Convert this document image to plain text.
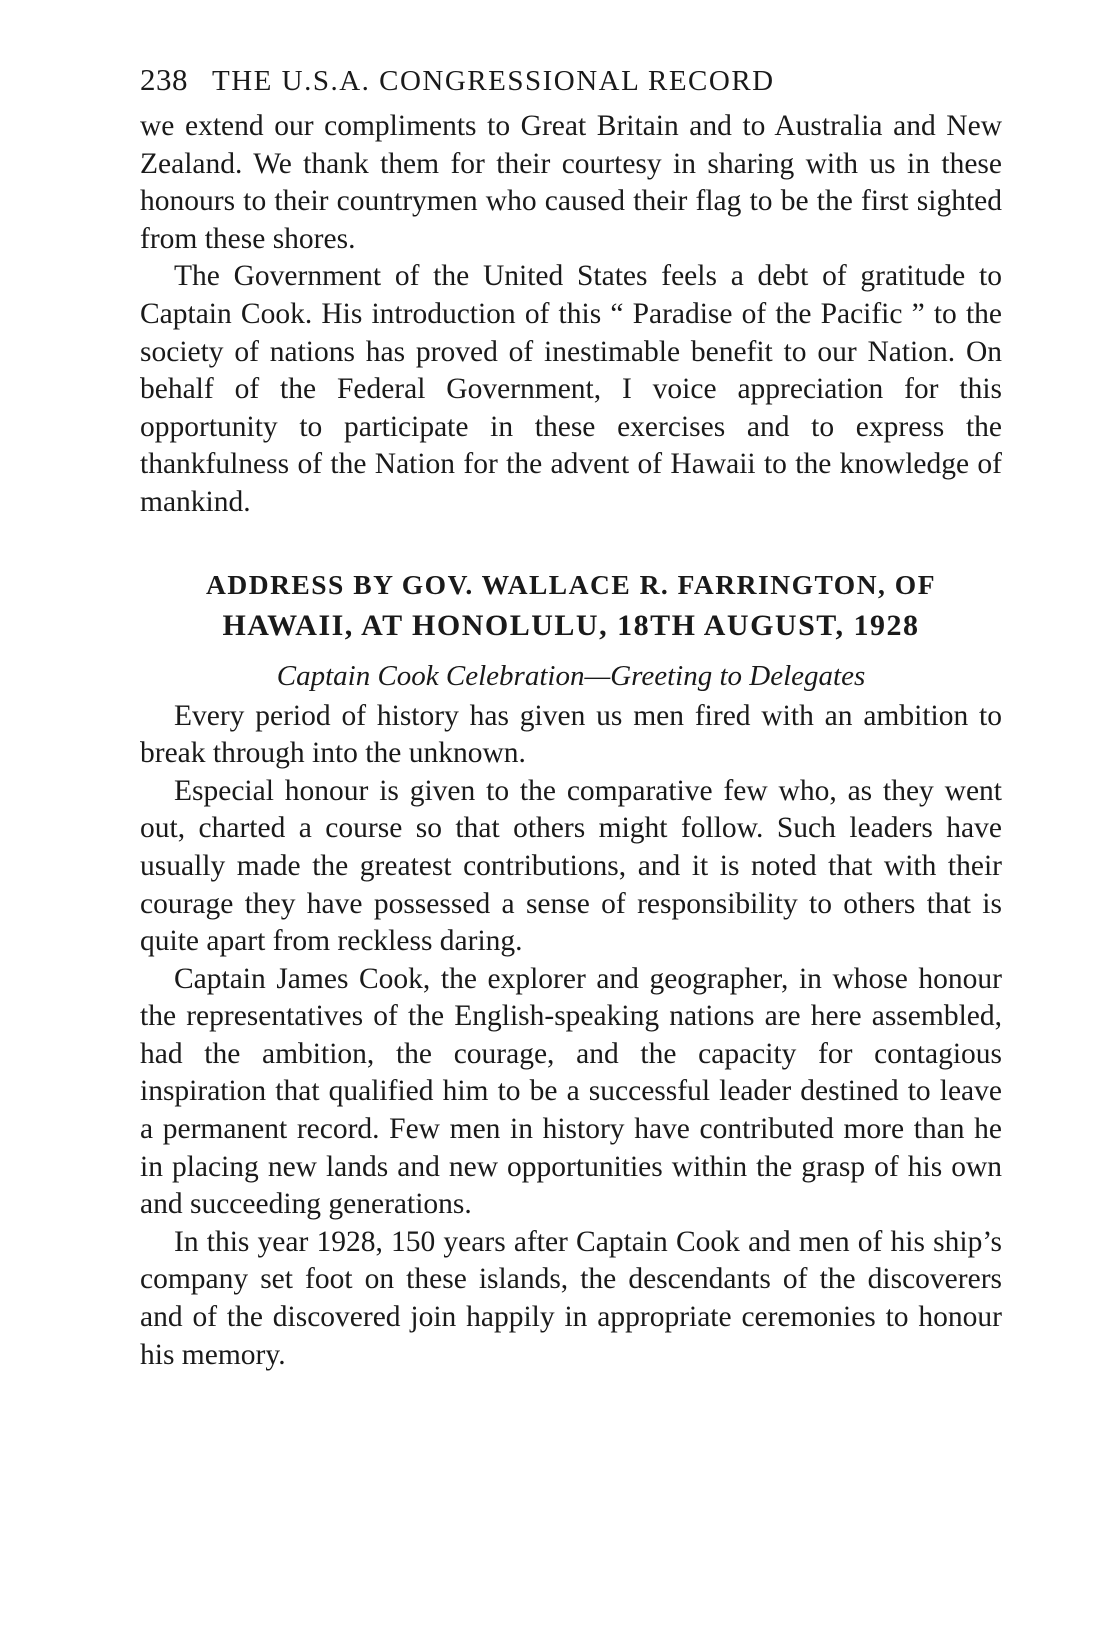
238 THE U.S.A. CONGRESSIONAL RECORD

we extend our compliments to Great Britain and to Australia and New Zealand. We thank them for their courtesy in sharing with us in these honours to their countrymen who caused their flag to be the first sighted from these shores.

The Government of the United States feels a debt of gratitude to Captain Cook. His introduction of this “ Paradise of the Pacific ” to the society of nations has proved of inestimable benefit to our Nation. On behalf of the Federal Government, I voice appreciation for this opportunity to participate in these exercises and to express the thankfulness of the Nation for the advent of Hawaii to the knowledge of mankind.

ADDRESS BY GOV. WALLACE R. FARRINGTON, OF
HAWAII, AT HONOLULU, 18TH AUGUST, 1928
Captain Cook Celebration—Greeting to Delegates

Every period of history has given us men fired with an ambition to break through into the unknown.

Especial honour is given to the comparative few who, as they went out, charted a course so that others might follow. Such leaders have usually made the greatest contributions, and it is noted that with their courage they have possessed a sense of responsibility to others that is quite apart from reckless daring.

Captain James Cook, the explorer and geographer, in whose honour the representatives of the English-speaking nations are here assembled, had the ambition, the courage, and the capacity for contagious inspiration that qualified him to be a successful leader destined to leave a permanent record. Few men in history have contributed more than he in placing new lands and new opportunities within the grasp of his own and succeeding generations.

In this year 1928, 150 years after Captain Cook and men of his ship’s company set foot on these islands, the descendants of the discoverers and of the discovered join happily in appropriate ceremonies to honour his memory.
